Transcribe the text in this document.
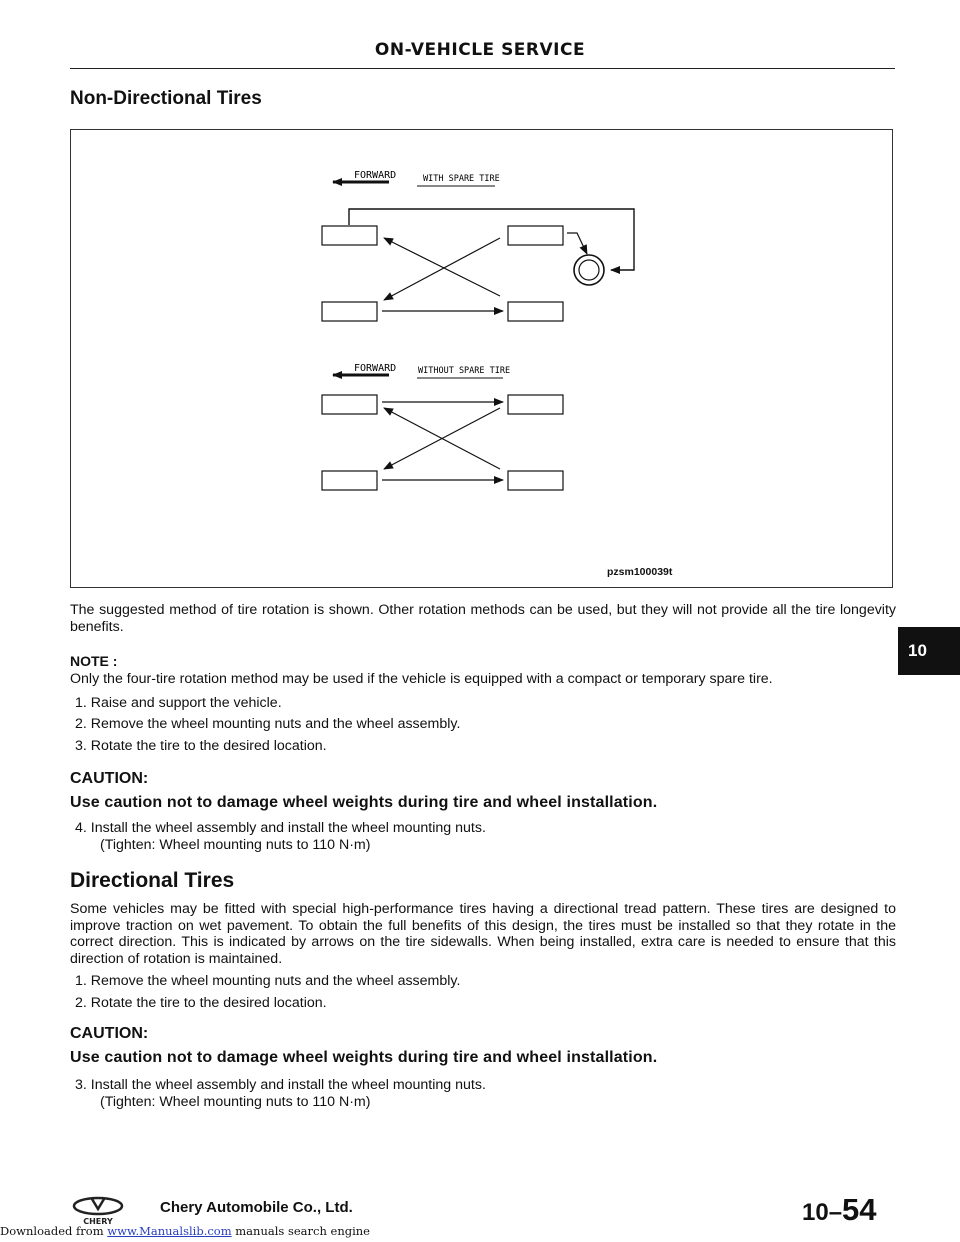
ON-VEHICLE SERVICE
Non-Directional Tires
FORWARD	WITH SPARE TIRE
FORWARD	WITHOUT SPARE TIRE
pzsm100039t
The suggested method of tire rotation is shown. Other rotation methods can be used, but they will not provide all the tire longevity benefits.
NOTE :
Only the four-tire rotation method may be used if the vehicle is equipped with a compact or temporary spare tire.
1. Raise and support the vehicle.
2. Remove the wheel mounting nuts and the wheel assembly.
3. Rotate the tire to the desired location.
CAUTION:
Use caution not to damage wheel weights during tire and wheel installation.
4. Install the wheel assembly and install the wheel mounting nuts.
(Tighten: Wheel mounting nuts to 110 N·m)
Directional Tires
Some vehicles may be fitted with special high-performance tires having a directional tread pattern. These tires are designed to improve traction on wet pavement. To obtain the full benefits of this design, the tires must be installed so that they rotate in the correct direction. This is indicated by arrows on the tire sidewalls. When being installed, extra care is needed to ensure that this direction of rotation is maintained.
1. Remove the wheel mounting nuts and the wheel assembly.
2. Rotate the tire to the desired location.
CAUTION:
Use caution not to damage wheel weights during tire and wheel installation.
3. Install the wheel assembly and install the wheel mounting nuts.
(Tighten: Wheel mounting nuts to 110 N·m)
10
CHERY
Chery Automobile Co., Ltd.	10–54
Downloaded from www.Manualslib.com manuals search engine
